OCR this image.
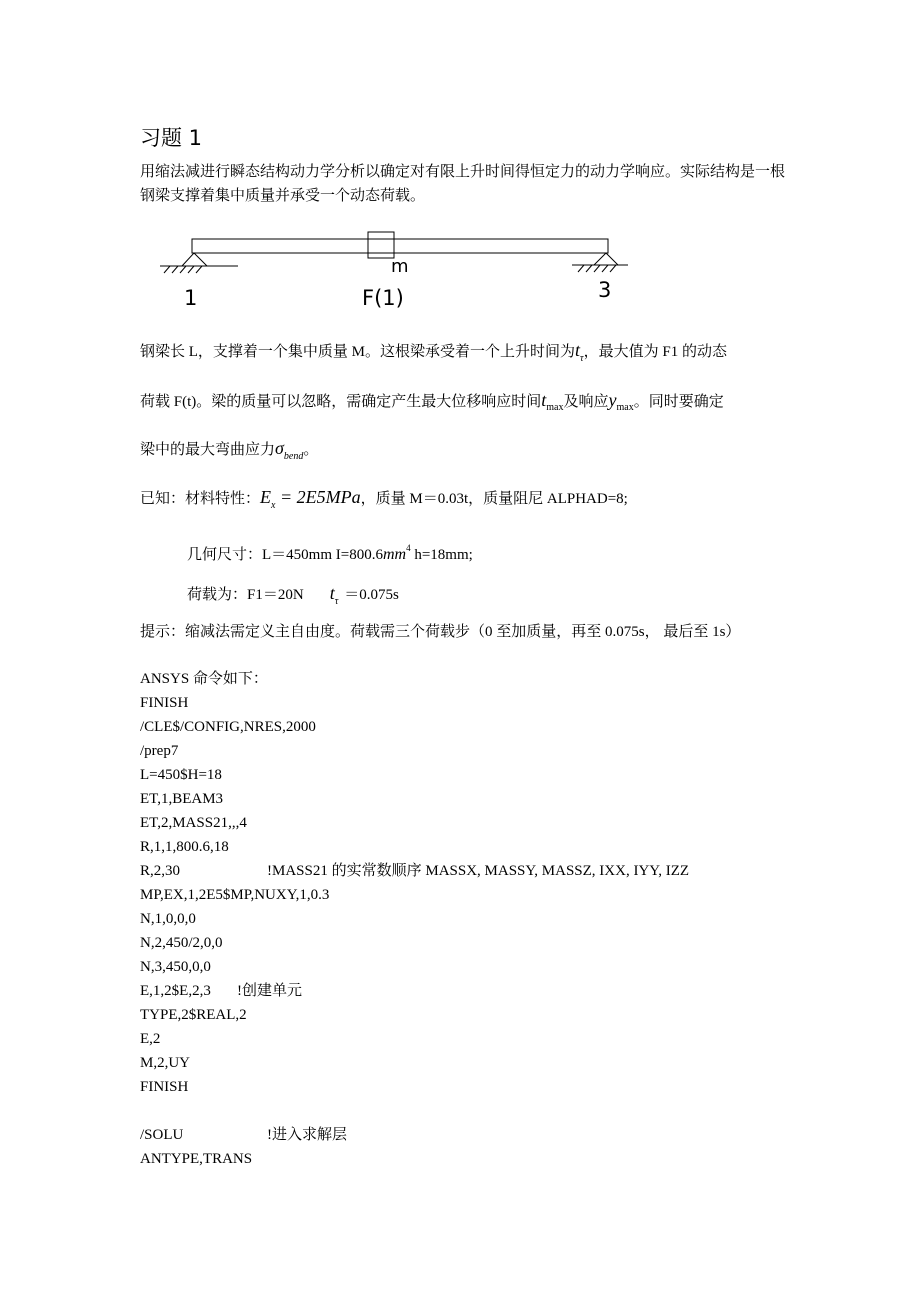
习题 1
用缩法减进行瞬态结构动力学分析以确定对有限上升时间得恒定力的动力学响应。实际结构是一根钢梁支撑着集中质量并承受一个动态荷载。
m
F(1)
1	3
钢梁长 L，支撑着一个集中质量 M。这根梁承受着一个上升时间为$t_\tau$，最大值为 F1 的动态
荷载 F(t)。梁的质量可以忽略，需确定产生最大位移响应时间$t_{max}$及响应$y_{max}$。同时要确定
梁中的最大弯曲应力$\sigma_{bend}$。
已知：材料特性：$E_x = 2E5MPa$，质量 M＝0.03t，质量阻尼 ALPHAD=8;
几何尺寸：L＝450mm $I=800.6mm^4$ h=18mm;
荷载为：F1＝20N $t_\tau =0.075s$
提示：缩减法需定义主自由度。荷载需三个荷载步（0 至加质量，再至 0.075s， 最后至 1s）
ANSYS 命令如下：
FINISH
/CLE$/CONFIG,NRES,2000
/prep7
L=450$H=18
ET,1,BEAM3
ET,2,MASS21,,,4
R,1,1,800.6,18
R,2,30	!MASS21 的实常数顺序 MASSX, MASSY, MASSZ, IXX, IYY, IZZ
MP,EX,1,2E5$MP,NUXY,1,0.3
N,1,0,0,0
N,2,450/2,0,0
N,3,450,0,0
E,1,2$E,2,3 !创建单元
TYPE,2$REAL,2
E,2
M,2,UY
FINISH
/SOLU	!进入求解层
ANTYPE,TRANS
